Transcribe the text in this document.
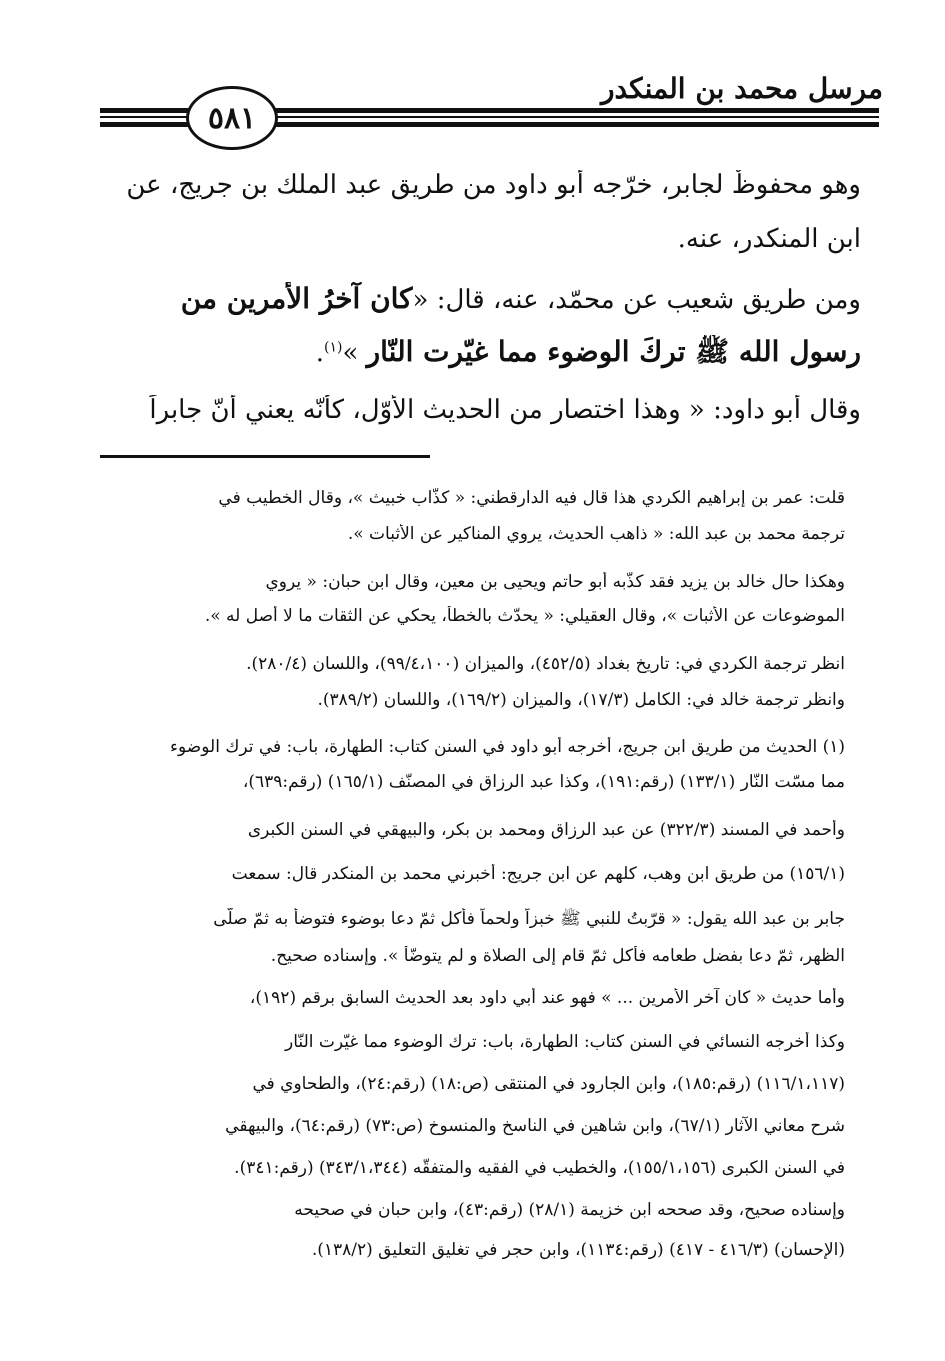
مرسل محمد بن المنكدر
٥٨١
وهو محفوظٌ لجابر، خرّجه أبو داود من طريق عبد الملك بن جريج، عن
ابن المنكدر، عنه.
ومن طريق شعيب عن محمّد، عنه، قال: «كان آخرُ الأمرين من
رسول الله ﷺ تركَ الوضوء مما غيّرت النّار »$^{(١)}$.
وقال أبو داود: « وهذا اختصار من الحديث الأوّل، كأنّه يعني أنّ جابراً
قلت: عمر بن إبراهيم الكردي هذا قال فيه الدارقطني: « كذّاب خبيث »، وقال الخطيب في
ترجمة محمد بن عبد الله: « ذاهب الحديث، يروي المناكير عن الأثبات ».
وهكذا حال خالد بن يزيد فقد كذّبه أبو حاتم ويحيى بن معين، وقال ابن حبان: « يروي
الموضوعات عن الأثبات »، وقال العقيلي: « يحدّث بالخطأ، يحكي عن الثقات ما لا أصل له ».
انظر ترجمة الكردي في: تاريخ بغداد (٤٥٢/٥)، والميزان (٩٩/٤،١٠٠)، واللسان (٢٨٠/٤).
وانظر ترجمة خالد في: الكامل (١٧/٣)، والميزان (١٦٩/٢)، واللسان (٣٨٩/٢).
(١) الحديث من طريق ابن جريج، أخرجه أبو داود في السنن كتاب: الطهارة، باب: في ترك الوضوء
مما مسّت النّار (١٣٣/١) (رقم:١٩١)، وكذا عبد الرزاق في المصنّف (١٦٥/١) (رقم:٦٣٩)،
وأحمد في المسند (٣٢٢/٣) عن عبد الرزاق ومحمد بن بكر، والبيهقي في السنن الكبرى
(١٥٦/١) من طريق ابن وهب، كلهم عن ابن جريج: أخبرني محمد بن المنكدر قال: سمعت
جابر بن عبد الله يقول: « قرّبتُ للنبي ﷺ خبزاً ولحماً فأكل ثمّ دعا بوضوء فتوضأ به ثمّ صلّى
الظهر، ثمّ دعا بفضل طعامه فأكل ثمّ قام إلى الصلاة و لم يتوضّأ ». وإسناده صحيح.
وأما حديث « كان آخر الأمرين ... » فهو عند أبي داود بعد الحديث السابق برقم (١٩٢)،
وكذا أخرجه النسائي في السنن كتاب: الطهارة، باب: ترك الوضوء مما غيّرت النّار
(١١٦/١،١١٧) (رقم:١٨٥)، وابن الجارود في المنتقى (ص:١٨) (رقم:٢٤)، والطحاوي في
شرح معاني الآثار (٦٧/١)، وابن شاهين في الناسخ والمنسوخ (ص:٧٣) (رقم:٦٤)، والبيهقي
في السنن الكبرى (١٥٥/١،١٥٦)، والخطيب في الفقيه والمتفقّه (٣٤٣/١،٣٤٤) (رقم:٣٤١).
وإسناده صحيح، وقد صححه ابن خزيمة (٢٨/١) (رقم:٤٣)، وابن حبان في صحيحه
(الإحسان) (٤١٦/٣ - ٤١٧) (رقم:١١٣٤)، وابن حجر في تغليق التعليق (١٣٨/٢).
